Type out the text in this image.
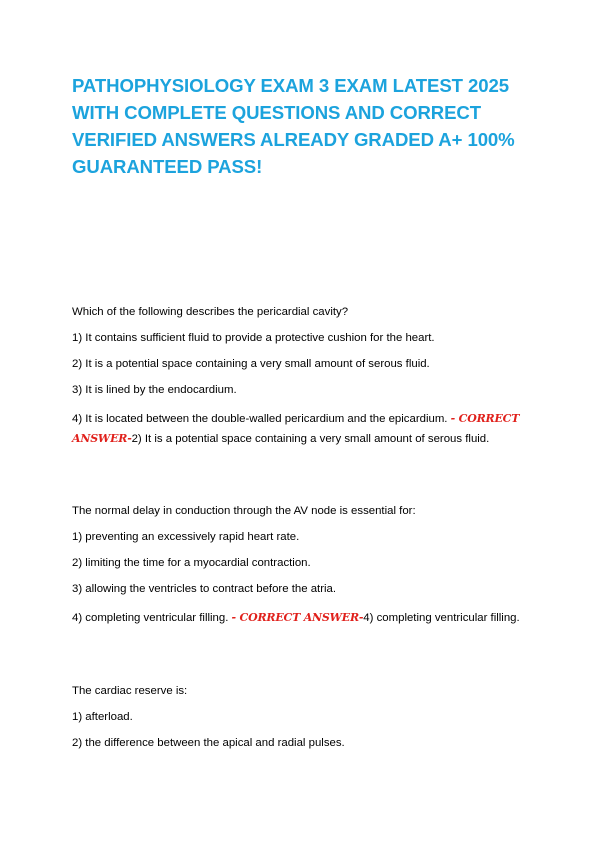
PATHOPHYSIOLOGY EXAM 3 EXAM LATEST 2025 WITH COMPLETE QUESTIONS AND CORRECT VERIFIED ANSWERS ALREADY GRADED A+ 100% GUARANTEED PASS!

Which of the following describes the pericardial cavity?

1) It contains sufficient fluid to provide a protective cushion for the heart.

2) It is a potential space containing a very small amount of serous fluid.

3) It is lined by the endocardium.

4) It is located between the double-walled pericardium and the epicardium. - CORRECT ANSWER-2) It is a potential space containing a very small amount of serous fluid.

The normal delay in conduction through the AV node is essential for:

1) preventing an excessively rapid heart rate.

2) limiting the time for a myocardial contraction.

3) allowing the ventricles to contract before the atria.

4) completing ventricular filling. - CORRECT ANSWER-4) completing ventricular filling.

The cardiac reserve is:

1) afterload.

2) the difference between the apical and radial pulses.
